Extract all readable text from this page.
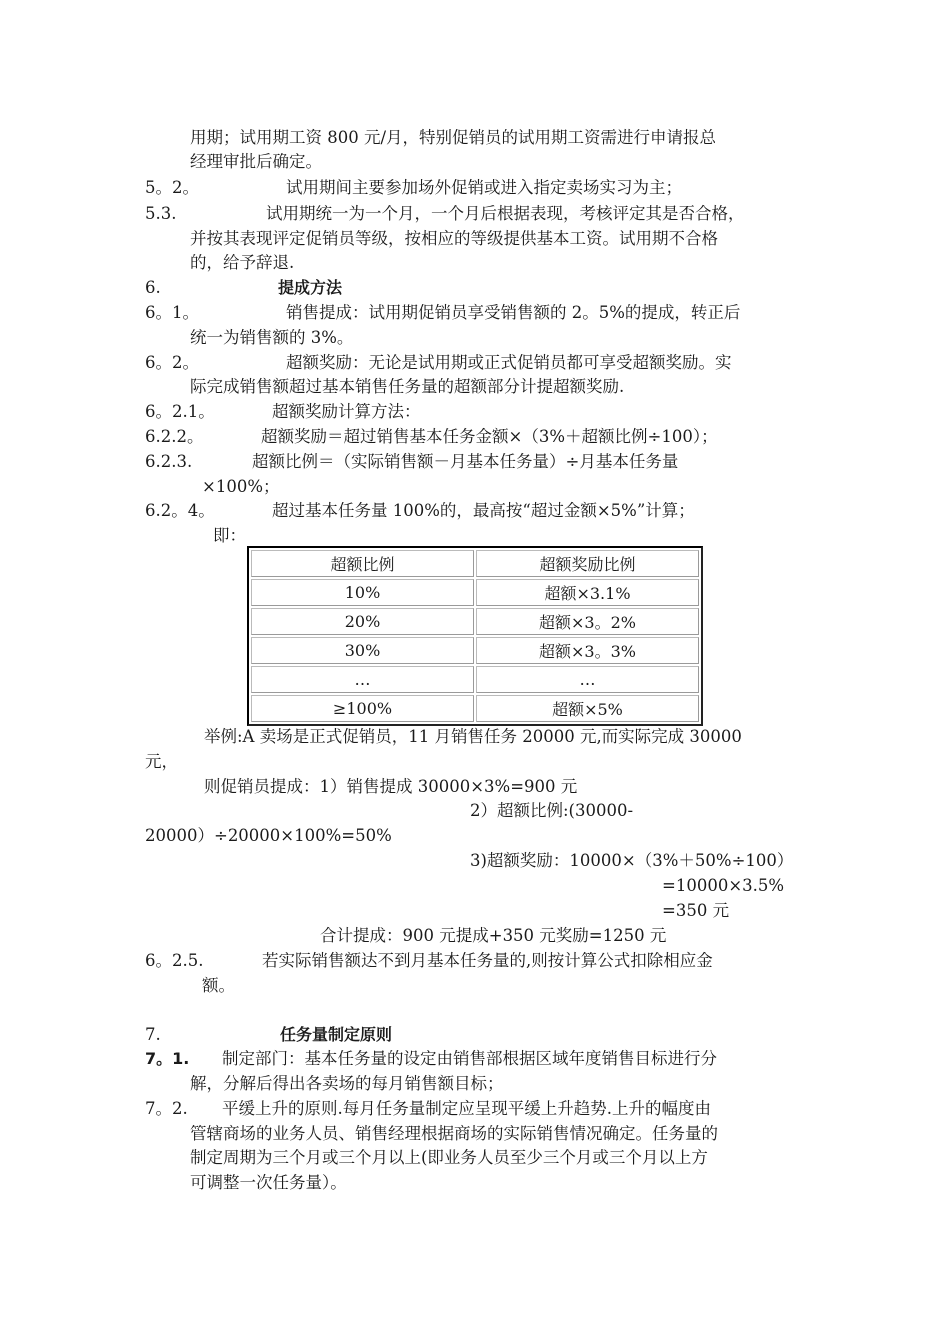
用期；试用期工资 800 元/月，特别促销员的试用期工资需进行申请报总
经理审批后确定。
5。2。	试用期间主要参加场外促销或进入指定卖场实习为主；
5.3.	试用期统一为一个月，一个月后根据表现，考核评定其是否合格，
并按其表现评定促销员等级，按相应的等级提供基本工资。试用期不合格
的，给予辞退.
6.	提成方法
6。1。	销售提成：试用期促销员享受销售额的 2。5%的提成，转正后
统一为销售额的 3%。
6。2。	超额奖励：无论是试用期或正式促销员都可享受超额奖励。实
际完成销售额超过基本销售任务量的超额部分计提超额奖励.
6。2.1。	超额奖励计算方法：
6.2.2。	超额奖励＝超过销售基本任务金额×（3%＋超额比例÷100）；
6.2.3.	超额比例＝（实际销售额－月基本任务量）÷月基本任务量
×100%；
6.2。4。	超过基本任务量 100%的，最高按“超过金额×5%”计算；
即：
超额比例	超额奖励比例
10%	超额×3.1%
20%	超额×3。2%
30%	超额×3。3%
…	…
≥100%	超额×5%
举例:A 卖场是正式促销员，11 月销售任务 20000 元,而实际完成 30000
元，
则促销员提成：1）销售提成 30000×3%=900 元
2）超额比例:(30000-
20000）÷20000×100%=50%
3)超额奖励：10000×（3%＋50%÷100）
=10000×3.5%
=350 元
合计提成：900 元提成+350 元奖励=1250 元
6。2.5.	若实际销售额达不到月基本任务量的,则按计算公式扣除相应金
额。
7.	任务量制定原则
7。1. 制定部门：基本任务量的设定由销售部根据区域年度销售目标进行分
解，分解后得出各卖场的每月销售额目标；
7。2. 平缓上升的原则.每月任务量制定应呈现平缓上升趋势.上升的幅度由
管辖商场的业务人员、销售经理根据商场的实际销售情况确定。任务量的
制定周期为三个月或三个月以上(即业务人员至少三个月或三个月以上方
可调整一次任务量）。
